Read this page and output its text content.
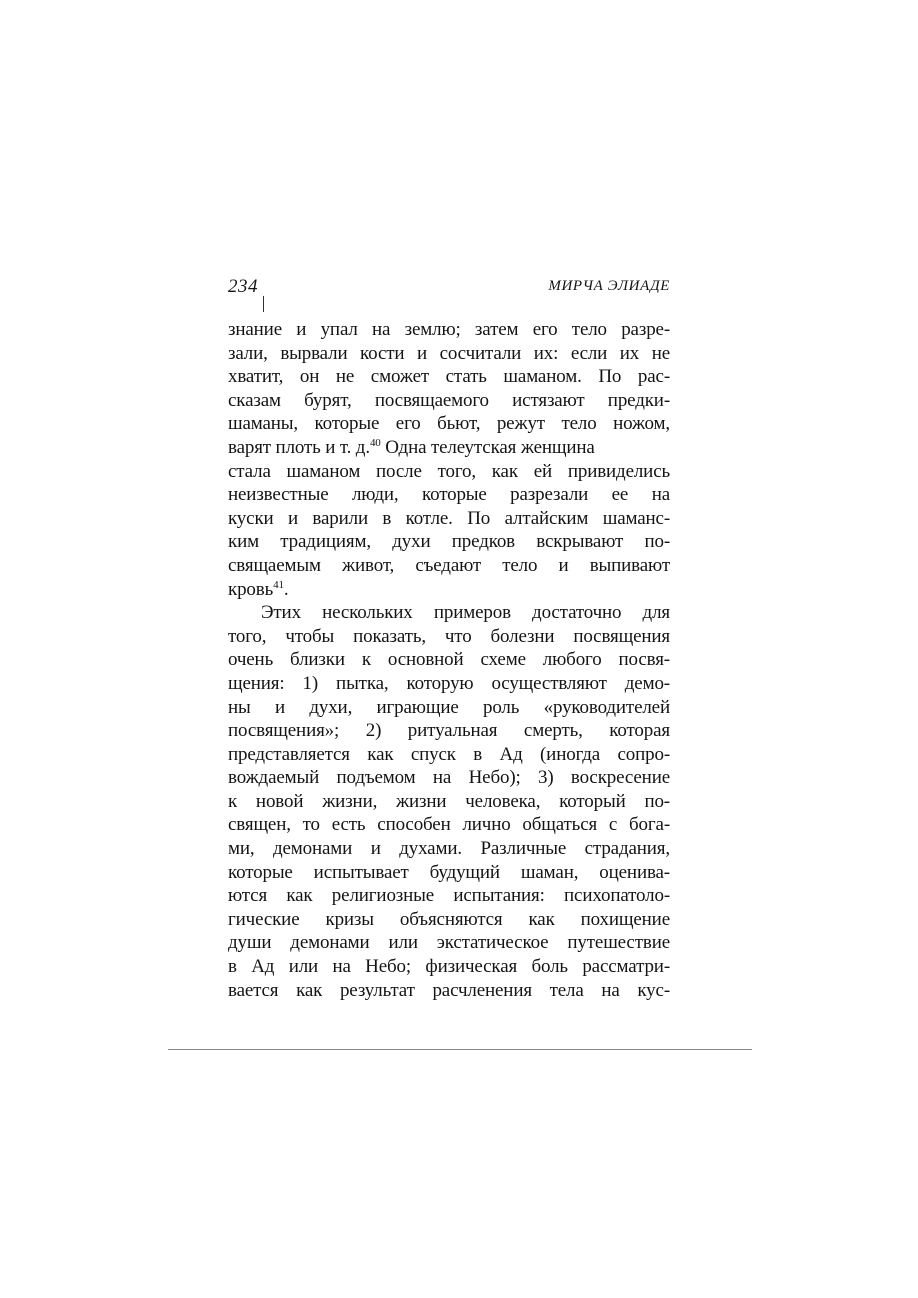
234	МИРЧА ЭЛИАДЕ
знание и упал на землю; затем его тело разре-
зали, вырвали кости и сосчитали их: если их не
хватит, он не сможет стать шаманом. По рас-
сказам бурят, посвящаемого истязают предки-
шаманы, которые его бьют, режут тело ножом,
варят плоть и т. д.$^{40}$ Одна телеутская женщина
стала шаманом после того, как ей привиделись
неизвестные люди, которые разрезали ее на
куски и варили в котле. По алтайским шаманс-
ким традициям, духи предков вскрывают по-
свящаемым живот, съедают тело и выпивают
кровь$^{41}$.
Этих нескольких примеров достаточно для
того, чтобы показать, что болезни посвящения
очень близки к основной схеме любого посвя-
щения: 1) пытка, которую осуществляют демо-
ны и духи, играющие роль «руководителей
посвящения»; 2) ритуальная смерть, которая
представляется как спуск в Ад (иногда сопро-
вождаемый подъемом на Небо); 3) воскресение
к новой жизни, жизни человека, который по-
священ, то есть способен лично общаться с бога-
ми, демонами и духами. Различные страдания,
которые испытывает будущий шаман, оценива-
ются как религиозные испытания: психопатоло-
гические кризы объясняются как похищение
души демонами или экстатическое путешествие
в Ад или на Небо; физическая боль рассматри-
вается как результат расчленения тела на кус-
